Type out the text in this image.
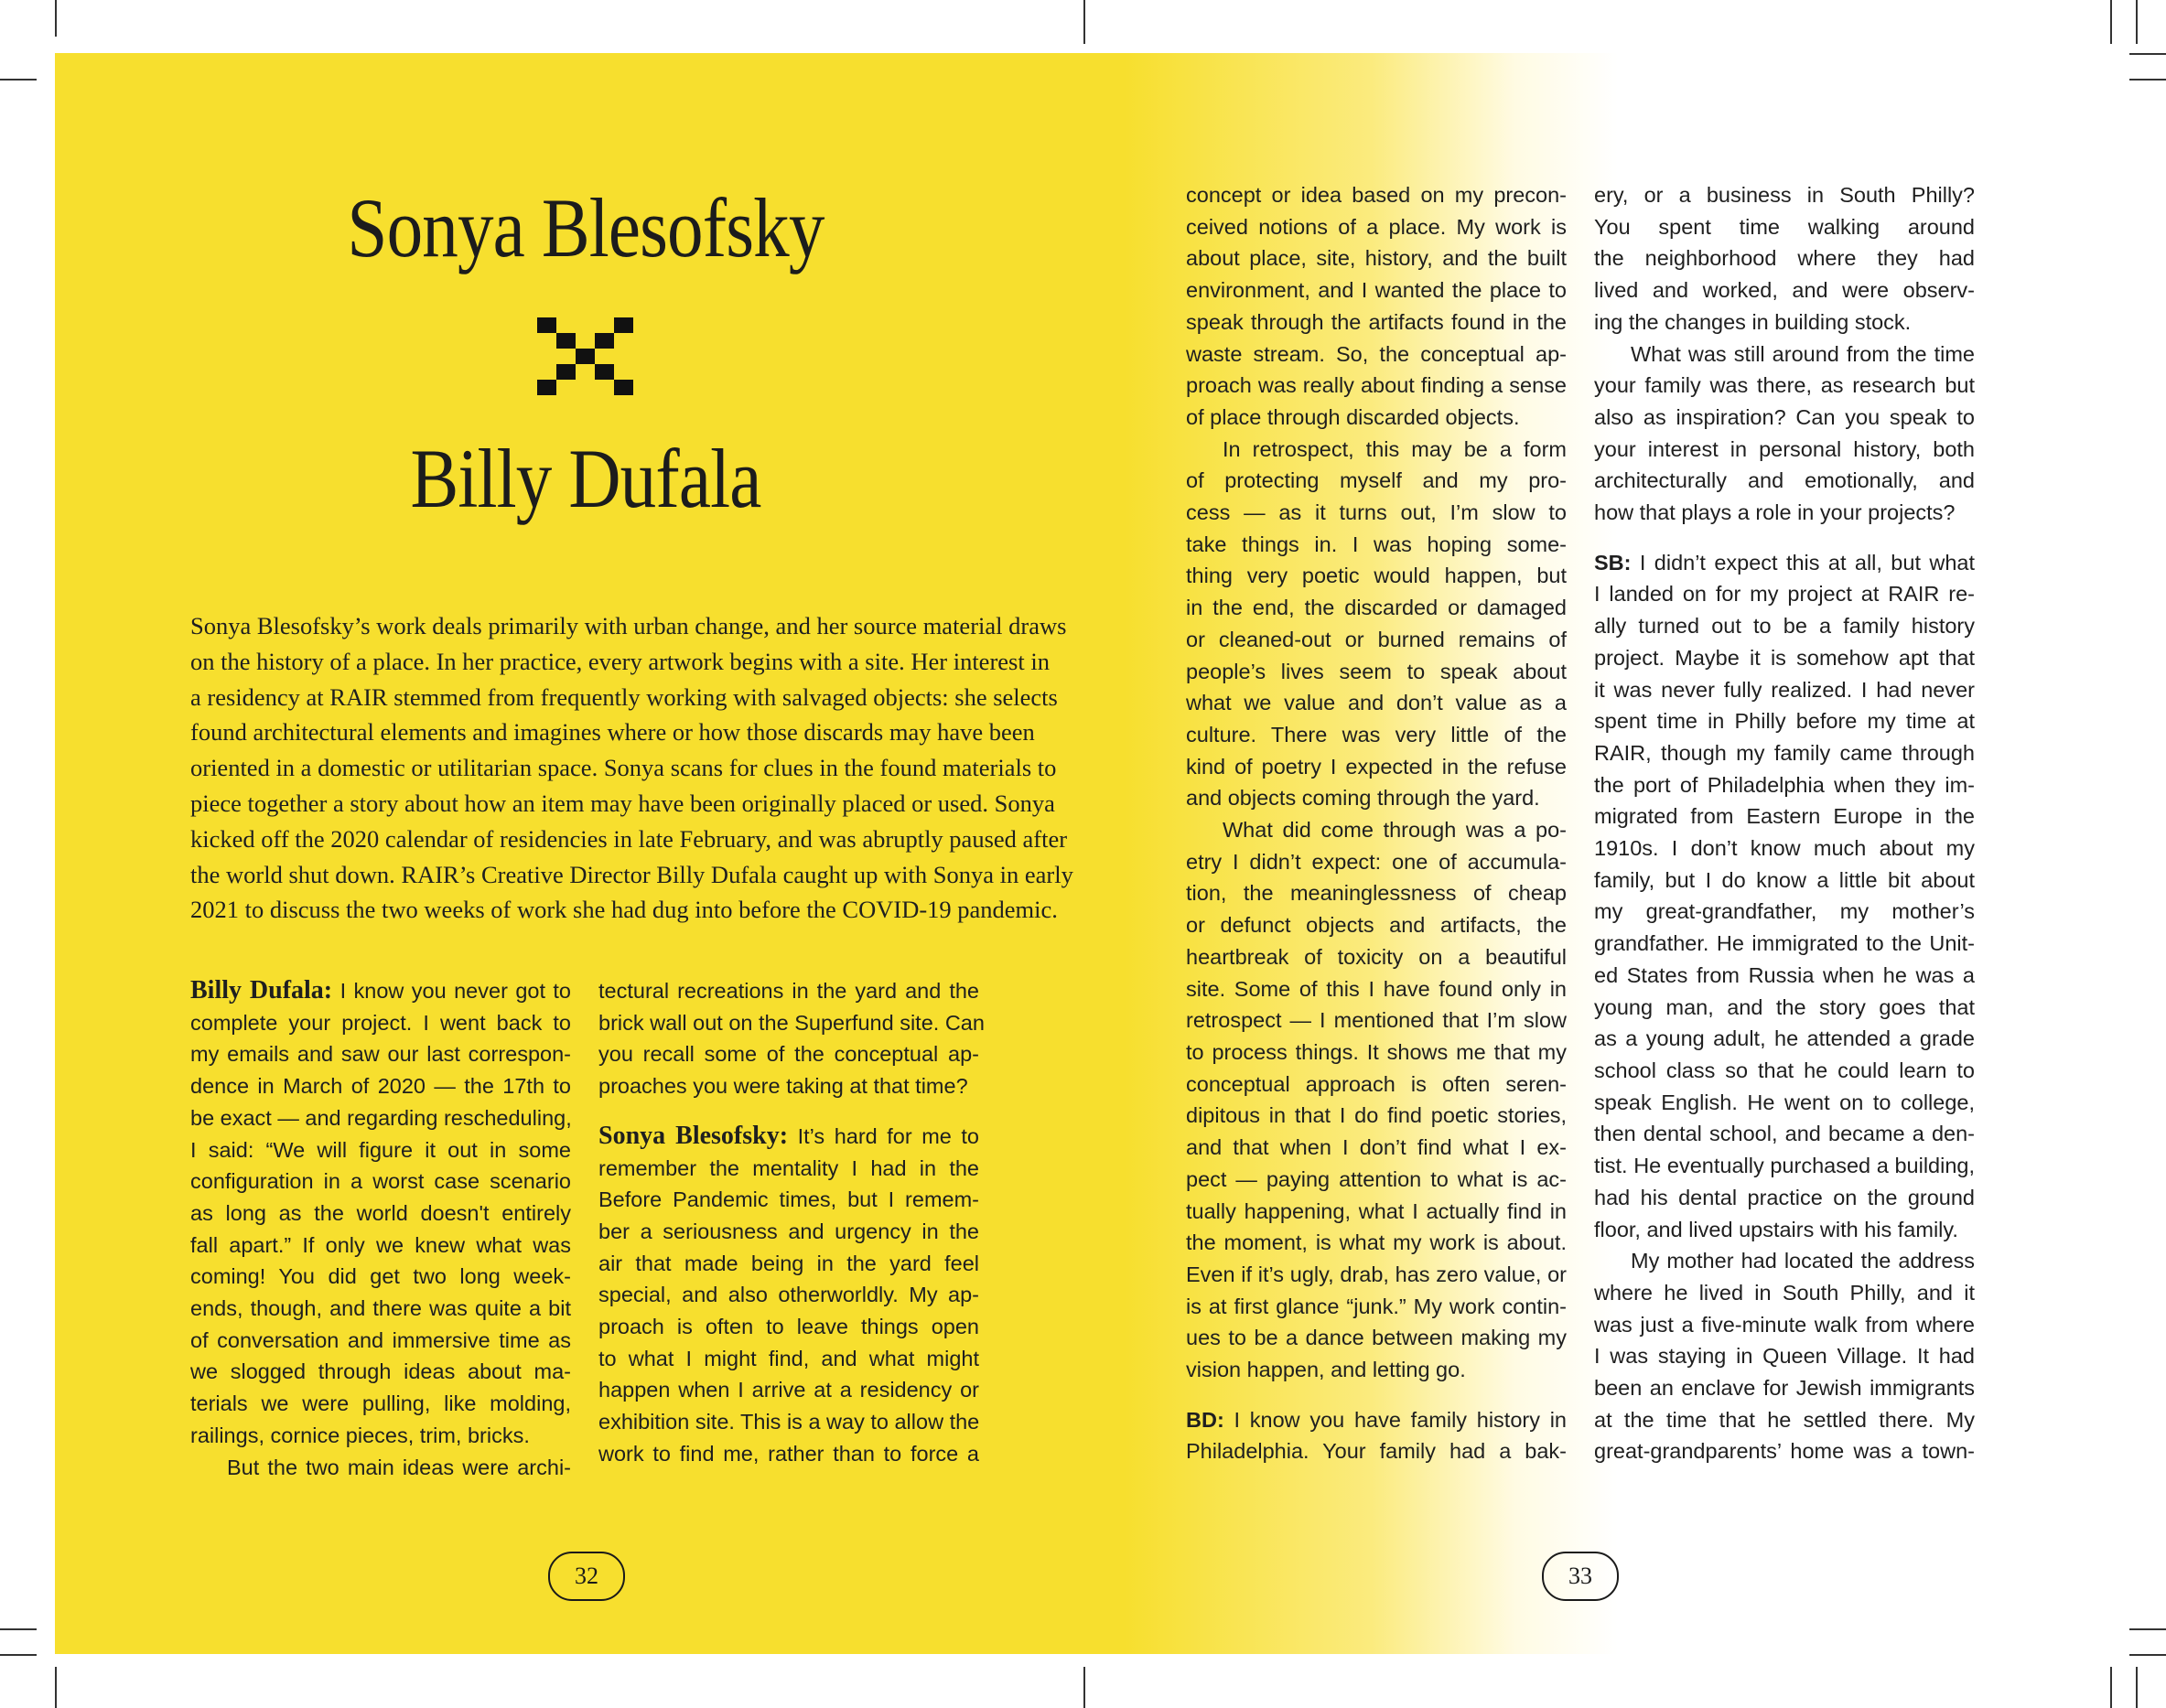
Sonya Blesofsky
Billy Dufala
Sonya Blesofsky’s work deals primarily with urban change, and her source material draws
on the history of a place. In her practice, every artwork begins with a site. Her interest in
a residency at RAIR stemmed from frequently working with salvaged objects: she selects
found architectural elements and imagines where or how those discards may have been
oriented in a domestic or utilitarian space. Sonya scans for clues in the found materials to
piece together a story about how an item may have been originally placed or used. Sonya
kicked off the 2020 calendar of residencies in late February, and was abruptly paused after
the world shut down. RAIR’s Creative Director Billy Dufala caught up with Sonya in early
2021 to discuss the two weeks of work she had dug into before the COVID-19 pandemic.
Billy Dufala: I know you never got to
complete your project. I went back to
my emails and saw our last correspon-
dence in March of 2020 — the 17th to
be exact — and regarding rescheduling,
I said: “We will figure it out in some
configuration in a worst case scenario
as long as the world doesn't entirely
fall apart.” If only we knew what was
coming! You did get two long week-
ends, though, and there was quite a bit
of conversation and immersive time as
we slogged through ideas about ma-
terials we were pulling, like molding,
railings, cornice pieces, trim, bricks.
But the two main ideas were archi-
tectural recreations in the yard and the
brick wall out on the Superfund site. Can
you recall some of the conceptual ap-
proaches you were taking at that time?
Sonya Blesofsky: It’s hard for me to
remember the mentality I had in the
Before Pandemic times, but I remem-
ber a seriousness and urgency in the
air that made being in the yard feel
special, and also otherworldly. My ap-
proach is often to leave things open
to what I might find, and what might
happen when I arrive at a residency or
exhibition site. This is a way to allow the
work to find me, rather than to force a
concept or idea based on my precon-
ceived notions of a place. My work is
about place, site, history, and the built
environment, and I wanted the place to
speak through the artifacts found in the
waste stream. So, the conceptual ap-
proach was really about finding a sense
of place through discarded objects.
In retrospect, this may be a form
of protecting myself and my pro-
cess — as it turns out, I’m slow to
take things in. I was hoping some-
thing very poetic would happen, but
in the end, the discarded or damaged
or cleaned-out or burned remains of
people’s lives seem to speak about
what we value and don’t value as a
culture. There was very little of the
kind of poetry I expected in the refuse
and objects coming through the yard.
What did come through was a po-
etry I didn’t expect: one of accumula-
tion, the meaninglessness of cheap
or defunct objects and artifacts, the
heartbreak of toxicity on a beautiful
site. Some of this I have found only in
retrospect — I mentioned that I’m slow
to process things. It shows me that my
conceptual approach is often seren-
dipitous in that I do find poetic stories,
and that when I don’t find what I ex-
pect — paying attention to what is ac-
tually happening, what I actually find in
the moment, is what my work is about.
Even if it’s ugly, drab, has zero value, or
is at first glance “junk.” My work contin-
ues to be a dance between making my
vision happen, and letting go.
BD: I know you have family history in
Philadelphia. Your family had a bak-
ery, or a business in South Philly?
You spent time walking around
the neighborhood where they had
lived and worked, and were observ-
ing the changes in building stock.
What was still around from the time
your family was there, as research but
also as inspiration? Can you speak to
your interest in personal history, both
architecturally and emotionally, and
how that plays a role in your projects?
SB: I didn’t expect this at all, but what
I landed on for my project at RAIR re-
ally turned out to be a family history
project. Maybe it is somehow apt that
it was never fully realized. I had never
spent time in Philly before my time at
RAIR, though my family came through
the port of Philadelphia when they im-
migrated from Eastern Europe in the
1910s. I don’t know much about my
family, but I do know a little bit about
my great-grandfather, my mother’s
grandfather. He immigrated to the Unit-
ed States from Russia when he was a
young man, and the story goes that
as a young adult, he attended a grade
school class so that he could learn to
speak English. He went on to college,
then dental school, and became a den-
tist. He eventually purchased a building,
had his dental practice on the ground
floor, and lived upstairs with his family.
My mother had located the address
where he lived in South Philly, and it
was just a five-minute walk from where
I was staying in Queen Village. It had
been an enclave for Jewish immigrants
at the time that he settled there. My
great-grandparents’ home was a town-
32	33
